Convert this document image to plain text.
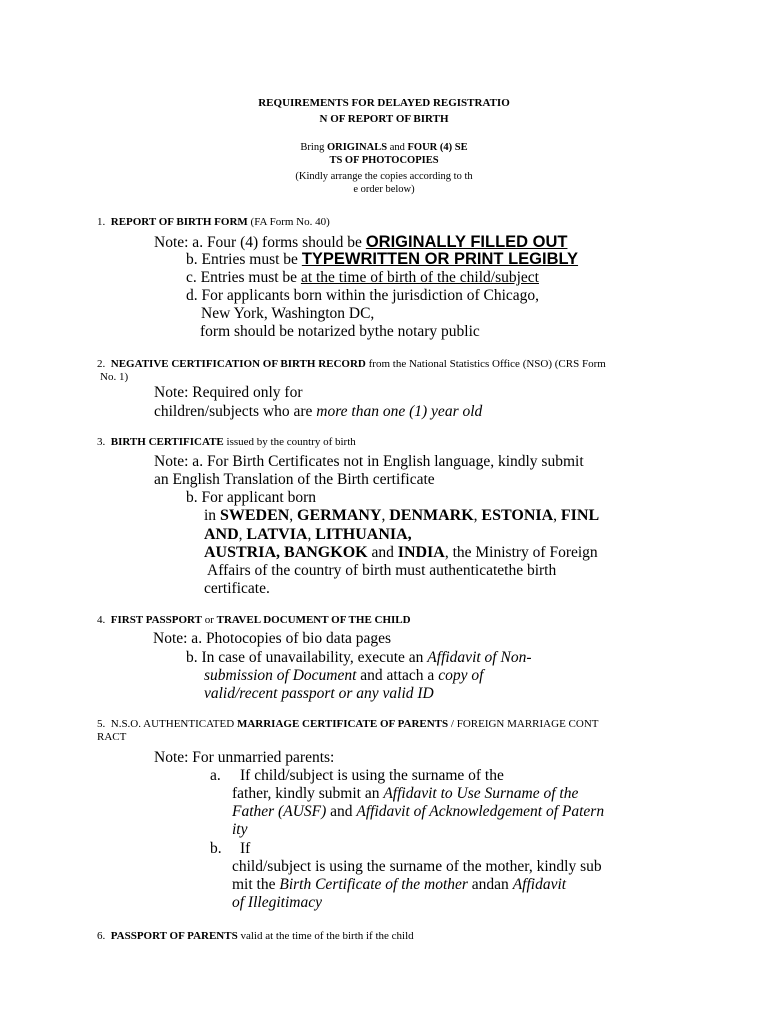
REQUIREMENTS FOR DELAYED REGISTRATIO
N OF REPORT OF BIRTH
Bring ORIGINALS and FOUR (4) SE
TS OF PHOTOCOPIES
(Kindly arrange the copies according to th
e order below)
1. REPORT OF BIRTH FORM (FA Form No. 40)
Note: a. Four (4) forms should be ORIGINALLY FILLED OUT
b. Entries must be TYPEWRITTEN OR PRINT LEGIBLY
c. Entries must be at the time of birth of the child/subject
d. For applicants born within the jurisdiction of Chicago,
New York, Washington DC,
form should be notarized bythe notary public
2. NEGATIVE CERTIFICATION OF BIRTH RECORD from the National Statistics Office (NSO) (CRS Form
No. 1)
Note: Required only for
children/subjects who are more than one (1) year old
3. BIRTH CERTIFICATE issued by the country of birth
Note: a. For Birth Certificates not in English language, kindly submit
an English Translation of the Birth certificate
b. For applicant born
in SWEDEN, GERMANY, DENMARK, ESTONIA, FINL
AND, LATVIA, LITHUANIA,
AUSTRIA, BANGKOK and INDIA, the Ministry of Foreign
Affairs of the country of birth must authenticatethe birth
certificate.
4. FIRST PASSPORT or TRAVEL DOCUMENT OF THE CHILD
Note: a. Photocopies of bio data pages
b. In case of unavailability, execute an Affidavit of Non-
submission of Document and attach a copy of
valid/recent passport or any valid ID
5. N.S.O. AUTHENTICATED MARRIAGE CERTIFICATE OF PARENTS / FOREIGN MARRIAGE CONT
RACT
Note: For unmarried parents:
a. If child/subject is using the surname of the
father, kindly submit an Affidavit to Use Surname of the
Father (AUSF) and Affidavit of Acknowledgement of Patern
ity
b. If
child/subject is using the surname of the mother, kindly sub
mit the Birth Certificate of the mother andan Affidavit
of Illegitimacy
6. PASSPORT OF PARENTS valid at the time of the birth if the child
